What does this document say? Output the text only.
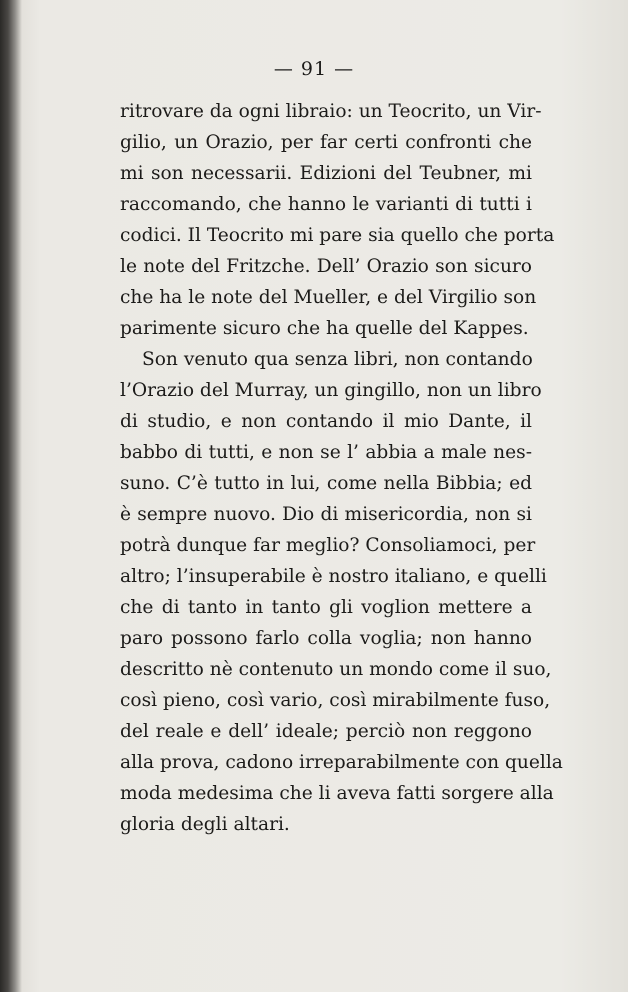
— 91 —
ritrovare da ogni libraio: un Teocrito, un Vir-
gilio, un Orazio, per far certi confronti che
mi son necessarii. Edizioni del Teubner, mi
raccomando, che hanno le varianti di tutti i
codici. Il Teocrito mi pare sia quello che porta
le note del Fritzche. Dell’ Orazio son sicuro
che ha le note del Mueller, e del Virgilio son
parimente sicuro che ha quelle del Kappes.
Son venuto qua senza libri, non contando
l’Orazio del Murray, un gingillo, non un libro
di studio, e non contando il mio Dante, il
babbo di tutti, e non se l’ abbia a male nes-
suno. C’è tutto in lui, come nella Bibbia; ed
è sempre nuovo. Dio di misericordia, non si
potrà dunque far meglio? Consoliamoci, per
altro; l’insuperabile è nostro italiano, e quelli
che di tanto in tanto gli voglion mettere a
paro possono farlo colla voglia; non hanno
descritto nè contenuto un mondo come il suo,
così pieno, così vario, così mirabilmente fuso,
del reale e dell’ ideale; perciò non reggono
alla prova, cadono irreparabilmente con quella
moda medesima che li aveva fatti sorgere alla
gloria degli altari.
